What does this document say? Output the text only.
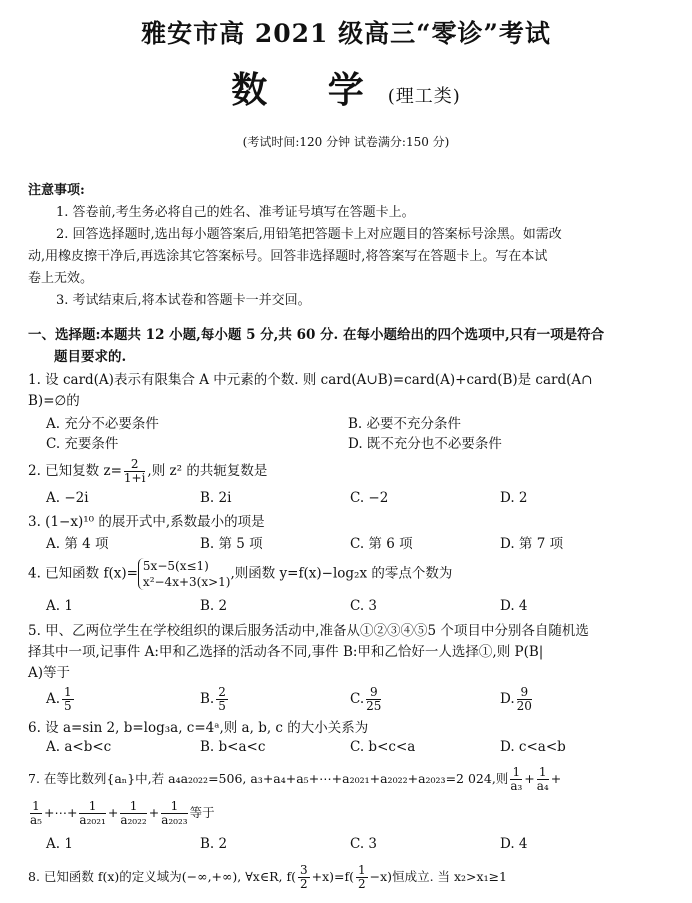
雅安市高 2021 级高三“零诊”考试
数 学(理工类)
(考试时间:120 分钟 试卷满分:150 分)
注意事项:
1. 答卷前,考生务必将自己的姓名、准考证号填写在答题卡上。
2. 回答选择题时,选出每小题答案后,用铅笔把答题卡上对应题目的答案标号涂黑。如需改
动,用橡皮擦干净后,再选涂其它答案标号。回答非选择题时,将答案写在答题卡上。写在本试
卷上无效。
3. 考试结束后,将本试卷和答题卡一并交回。
一、选择题:本题共 12 小题,每小题 5 分,共 60 分. 在每小题给出的四个选项中,只有一项是符合
题目要求的.
1. 设 card(A)表示有限集合 A 中元素的个数. 则 card(A∪B)=card(A)+card(B)是 card(A∩
B)=∅的
A. 充分不必要条件	B. 必要不充分条件
C. 充要条件	D. 既不充分也不必要条件
2. 已知复数 $z= \frac{2}{1+i}$ ,则 z² 的共轭复数是
A. −2i	B. 2i	C. −2	D. 2
3. (1−x)¹⁰ 的展开式中,系数最小的项是
A. 第 4 项	B. 第 5 项	C. 第 6 项	D. 第 7 项
4. 已知函数 f(x)= 5x−5(x≤1)
x²−4x+3(x>1)
,则函数 y=f(x)−log₂x 的零点个数为
A. 1	B. 2	C. 3	D. 4
5. 甲、乙两位学生在学校组织的课后服务活动中,准备从①②③④⑤5 个项目中分别各自随机选
择其中一项,记事件 A:甲和乙选择的活动各不同,事件 B:甲和乙恰好一人选择①,则 P(B|
A)等于
A. $\frac{1}{5}$	B. $\frac{2}{5}$	C. $\frac{9}{25}$	D. $\frac{9}{20}$
6. 设 a=sin 2, b=log₃a, c=4ᵃ,则 a, b, c 的大小关系为
A. a<b<c	B. b<a<c	C. b<c<a	D. c<a<b
7. 在等比数列{aₙ}中,若 a₄a₂₀₂₂=506, a₃+a₄+a₅+⋯+a₂₀₂₁+a₂₀₂₂+a₂₀₂₃=2 024,则 $\frac{1}{\text{a₃}} + \frac{1}{\text{a₄}}$ +
$\frac{1}{\text{a₅}}$ +⋯+ $\frac{1}{\text{a₂₀₂₁}} + \frac{1}{\text{a₂₀₂₂}} + \frac{1}{\text{a₂₀₂₃}}$ 等于
A. 1	B. 2	C. 3	D. 4
8. 已知函数 f(x)的定义域为(−∞,+∞), ∀x∈R, $f( \frac{3}{2} +x)=f( \frac{1}{2} -x)$恒成立. 当 x₂>x₁≥1
